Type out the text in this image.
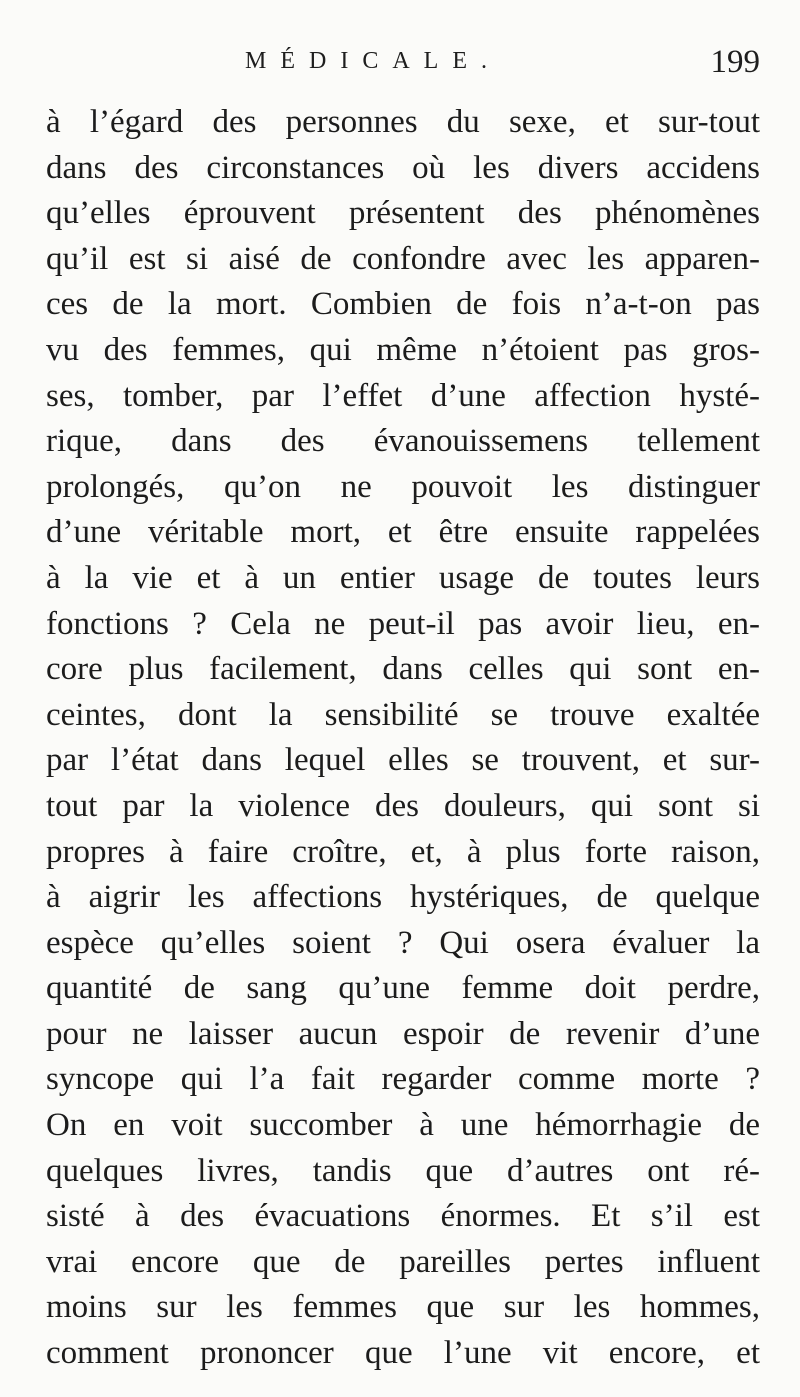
MÉDICALE.	199
à l’égard des personnes du sexe, et sur-tout
dans des circonstances où les divers accidens
qu’elles éprouvent présentent des phénomènes
qu’il est si aisé de confondre avec les apparen-
ces de la mort. Combien de fois n’a-t-on pas
vu des femmes, qui même n’étoient pas gros-
ses, tomber, par l’effet d’une affection hysté-
rique, dans des évanouissemens tellement
prolongés, qu’on ne pouvoit les distinguer
d’une véritable mort, et être ensuite rappelées
à la vie et à un entier usage de toutes leurs
fonctions ? Cela ne peut-il pas avoir lieu, en-
core plus facilement, dans celles qui sont en-
ceintes, dont la sensibilité se trouve exaltée
par l’état dans lequel elles se trouvent, et sur-
tout par la violence des douleurs, qui sont si
propres à faire croître, et, à plus forte raison,
à aigrir les affections hystériques, de quelque
espèce qu’elles soient ? Qui osera évaluer la
quantité de sang qu’une femme doit perdre,
pour ne laisser aucun espoir de revenir d’une
syncope qui l’a fait regarder comme morte ?
On en voit succomber à une hémorrhagie de
quelques livres, tandis que d’autres ont ré-
sisté à des évacuations énormes. Et s’il est
vrai encore que de pareilles pertes influent
moins sur les femmes que sur les hommes,
comment prononcer que l’une vit encore, et
